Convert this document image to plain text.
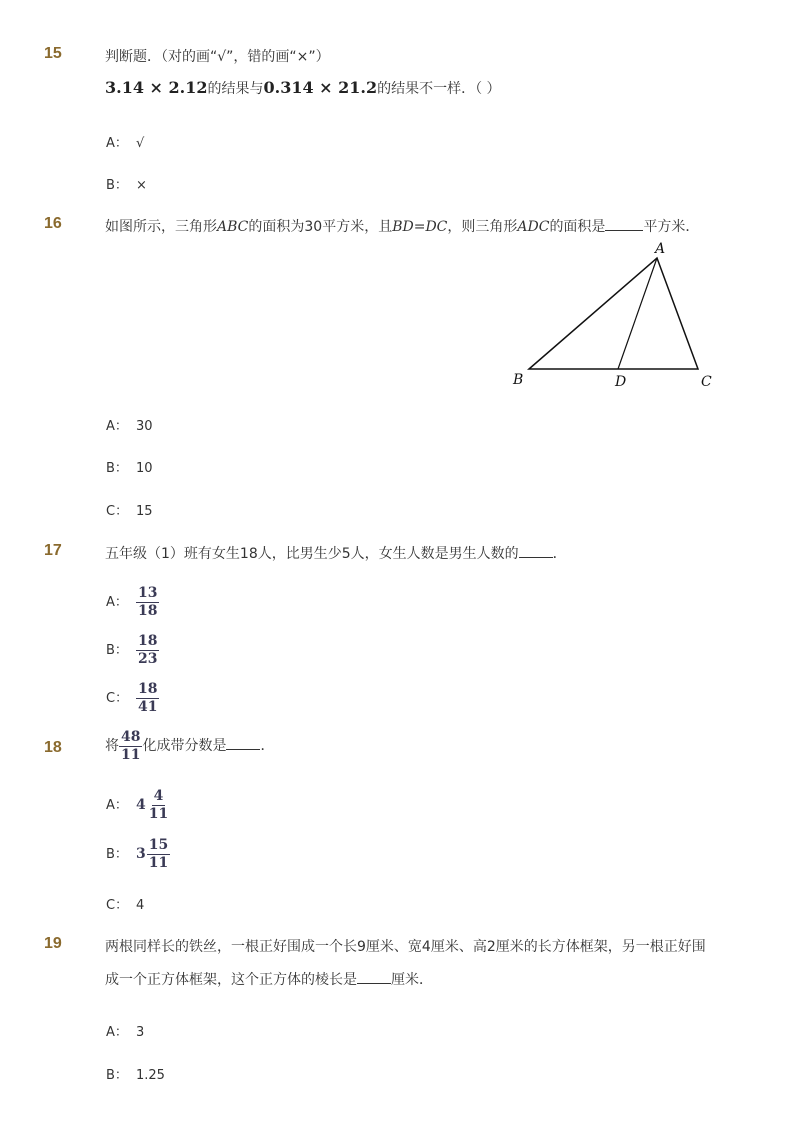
15	判断题．（对的画“√”，错的画“×”）
3.14 × 2.12的结果与0.314 × 21.2的结果不一样．（ ）
A： √
B： ×
16	如图所示，三角形ABC的面积为30平方米，且BD=DC，则三角形ADC的面积是	平方米．
A
B	D	C
A： 30
B： 10
C： 15
17	五年级（1）班有女生18人，比男生少5人，女生人数是男生人数的 ．
A： $\frac{13}{18}$
B： $\frac{18}{23}$
C： $\frac{18}{41}$
18	将 $\frac{48}{11}$ 化成带分数是 ．
A： $4 \frac{4}{11}$
B： $3 \frac{15}{11}$
C： 4
19	两根同样长的铁丝，一根正好围成一个长9厘米、宽4厘米、高2厘米的长方体框架，另一根正好围
成一个正方体框架，这个正方体的棱长是 厘米．
A： 3
B： 1.25
